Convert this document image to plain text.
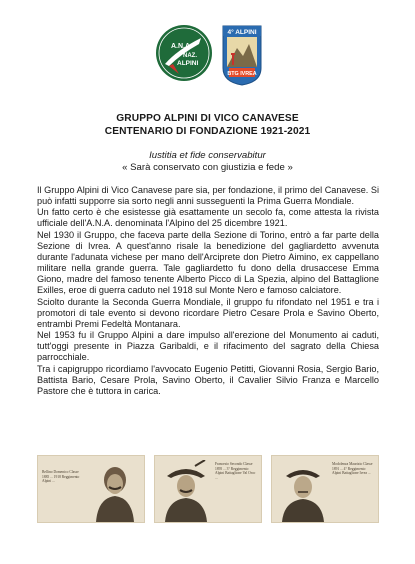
A.N.A.
NAZ.
ALPINI
4° ALPINI
BTG IVREA
GRUPPO ALPINI DI VICO CANAVESE
CENTENARIO DI FONDAZIONE 1921-2021
Iustitia et fide conservabitur
« Sarà conservato con giustizia e fede »

Il Gruppo Alpini di Vico Canavese pare sia, per fondazione, il primo del Canavese. Si può infatti supporre sia sorto negli anni susseguenti la Prima Guerra Mondiale.

Un fatto certo è che esistesse già esattamente un secolo fa, come attesta la rivista ufficiale dell'A.N.A. denominata l'Alpino del 25 dicembre 1921.

Nel 1930 il Gruppo, che faceva parte della Sezione di Torino, entrò a far parte della Sezione di Ivrea. A quest'anno risale la benedizione del gagliardetto avvenuta durante l'adunata vichese per mano dell'Arciprete don Pietro Aimino, ex cappellano militare nella grande guerra. Tale gagliardetto fu dono della drusaccese Emma Giono, madre del famoso tenente Alberto Picco di La Spezia, alpino del Battaglione Exilles, eroe di guerra caduto nel 1918 sul Monte Nero e famoso calciatore.

Sciolto durante la Seconda Guerra Mondiale, il gruppo fu rifondato nel 1951 e tra i promotori di tale evento si devono ricordare Pietro Cesare Prola e Savino Oberto, entrambi Premi Fedeltà Montanara.

Nel 1953 fu il Gruppo Alpini a dare impulso all'erezione del Monumento ai caduti, tutt'oggi presente in Piazza Garibaldi, e il rifacimento del sagrato della Chiesa parrocchiale.

Tra i capigruppo ricordiamo l'avvocato Eugenio Petitti, Giovanni Rosia, Sergio Bario, Battista Bario, Cesare Prola, Savino Oberto, il Cavalier Silvio Franza e Marcello Pastore che è tuttora in carica.

Bellino Domenico Classe 1885 ... 1918 Reggimento Alpini ...
Francesio Secondo Classe 1895 ... 3° Reggimento Alpini Battaglione Val Orco ...
Modolenza Maurizio Classe 1891 ... 4° Reggimento Alpini Battaglione Ivrea ...
